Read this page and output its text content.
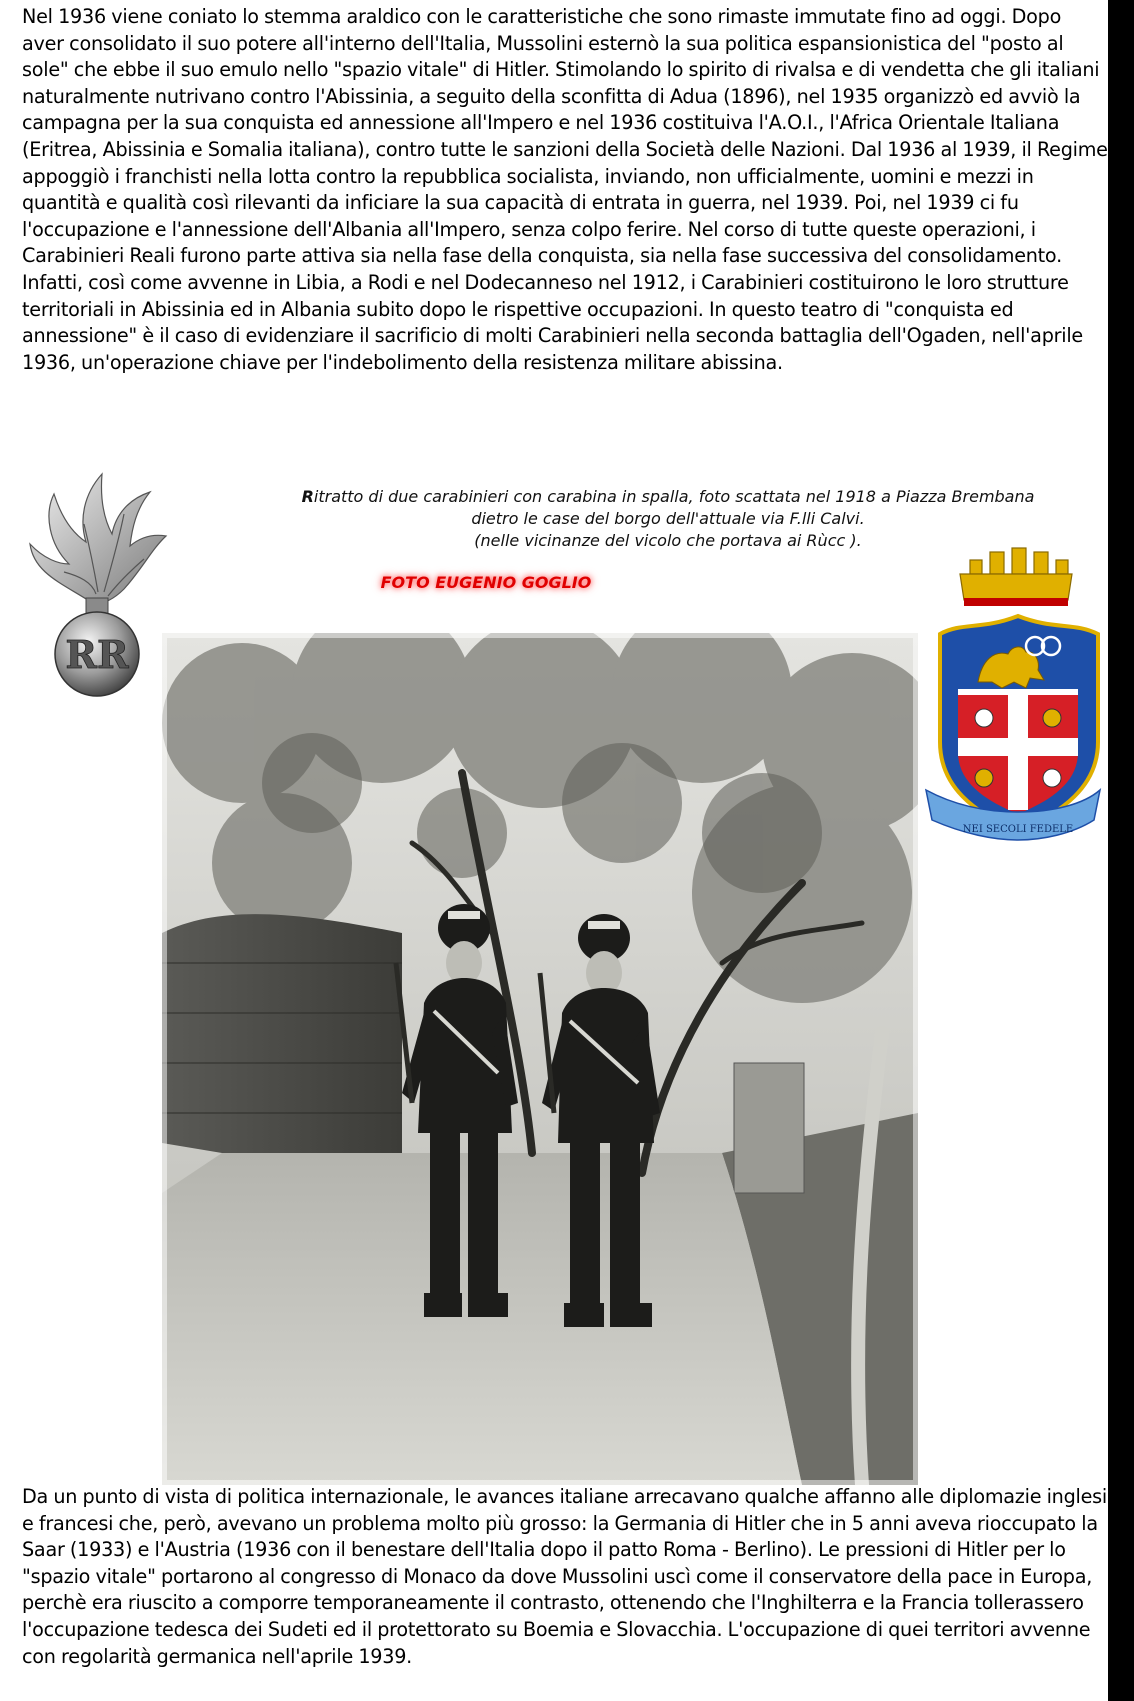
Nel 1936 viene coniato lo stemma araldico con le caratteristiche che sono rimaste immutate fino ad oggi. Dopo aver consolidato il suo potere all'interno dell'Italia, Mussolini esternò la sua politica espansionistica del "posto al sole" che ebbe il suo emulo nello "spazio vitale" di Hitler. Stimolando lo spirito di rivalsa e di vendetta che gli italiani naturalmente nutrivano contro l'Abissinia, a seguito della sconfitta di Adua (1896), nel 1935 organizzò ed avviò la campagna per la sua conquista ed annessione all'Impero e nel 1936 costituiva l'A.O.I., l'Africa Orientale Italiana (Eritrea, Abissinia e Somalia italiana), contro tutte le sanzioni della Società delle Nazioni. Dal 1936 al 1939, il Regime appoggiò i franchisti nella lotta contro la repubblica socialista, inviando, non ufficialmente, uomini e mezzi in quantità e qualità così rilevanti da inficiare la sua capacità di entrata in guerra, nel 1939. Poi, nel 1939 ci fu l'occupazione e l'annessione dell'Albania all'Impero, senza colpo ferire. Nel corso di tutte queste operazioni, i Carabinieri Reali furono parte attiva sia nella fase della conquista, sia nella fase successiva del consolidamento. Infatti, così come avvenne in Libia, a Rodi e nel Dodecanneso nel 1912, i Carabinieri costituirono le loro strutture territoriali in Abissinia ed in Albania subito dopo le rispettive occupazioni. In questo teatro di "conquista ed annessione" è il caso di evidenziare il sacrificio di molti Carabinieri nella seconda battaglia dell'Ogaden, nell'aprile 1936, un'operazione chiave per l'indebolimento della resistenza militare abissina.
RR
Ritratto di due carabinieri con carabina in spalla, foto scattata nel 1918 a Piazza Brembana
dietro le case del borgo dell'attuale via F.lli Calvi.
(nelle vicinanze del vicolo che portava ai Rùcc ).
FOTO EUGENIO GOGLIO
NEI SECOLI FEDELE
Da un punto di vista di politica internazionale, le avances italiane arrecavano qualche affanno alle diplomazie inglesi e francesi che, però, avevano un problema molto più grosso: la Germania di Hitler che in 5 anni aveva rioccupato la Saar (1933) e l'Austria (1936 con il benestare dell'Italia dopo il patto Roma - Berlino). Le pressioni di Hitler per lo "spazio vitale" portarono al congresso di Monaco da dove Mussolini uscì come il conservatore della pace in Europa, perchè era riuscito a comporre temporaneamente il contrasto, ottenendo che l'Inghilterra e la Francia tollerassero l'occupazione tedesca dei Sudeti ed il protettorato su Boemia e Slovacchia. L'occupazione di quei territori avvenne con regolarità germanica nell'aprile 1939.
